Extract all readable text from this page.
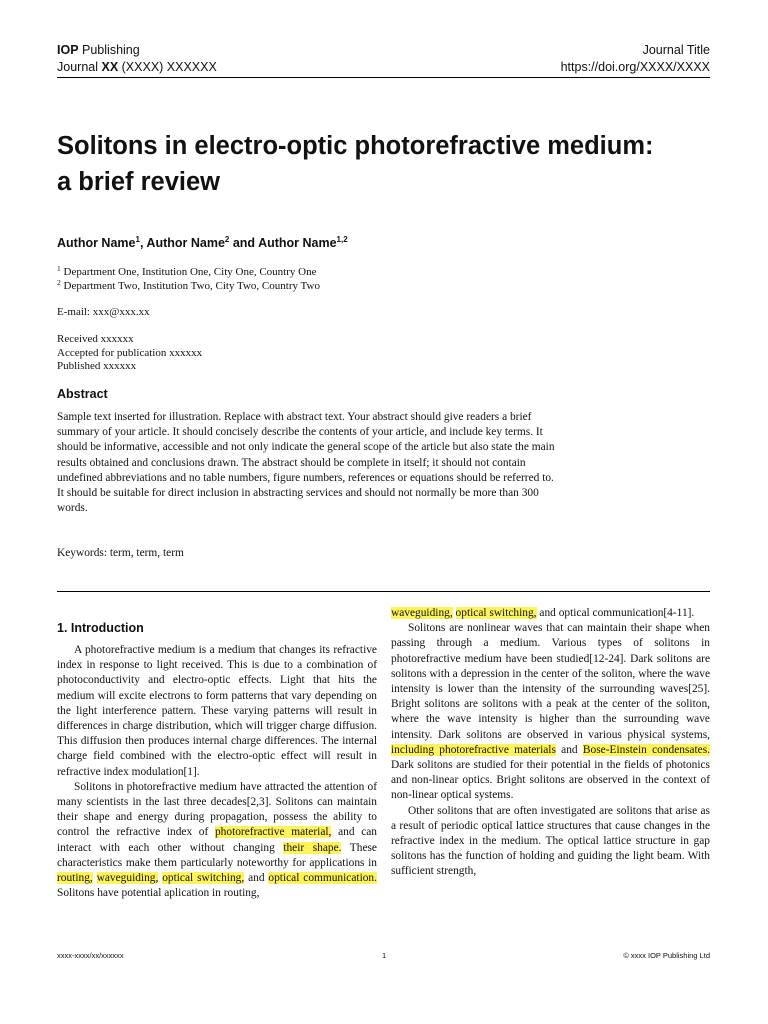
IOP Publishing	Journal Title
Journal XX (XXXX) XXXXXX	https://doi.org/XXXX/XXXX
Solitons in electro-optic photorefractive medium:
a brief review
Author Name$^1$, Author Name$^2$ and Author Name$^{1,2}$
$^1$ Department One, Institution One, City One, Country One
$^2$ Department Two, Institution Two, City Two, Country Two
E-mail: xxx@xxx.xx
Received xxxxxx
Accepted for publication xxxxxx
Published xxxxxx
Abstract
Sample text inserted for illustration. Replace with abstract text. Your abstract should give readers a brief summary of your article. It should concisely describe the contents of your article, and include key terms. It should be informative, accessible and not only indicate the general scope of the article but also state the main results obtained and conclusions drawn. The abstract should be complete in itself; it should not contain undefined abbreviations and no table numbers, figure numbers, references or equations should be referred to. It should be suitable for direct inclusion in abstracting services and should not normally be more than 300 words.
Keywords: term, term, term
1. Introduction

A photorefractive medium is a medium that changes its refractive index in response to light received. This is due to a combination of photoconductivity and electro-optic effects. Light that hits the medium will excite electrons to form patterns that vary depending on the light interference pattern. These varying patterns will result in differences in charge distribution, which will trigger charge diffusion. This diffusion then produces internal charge differences. The internal charge field combined with the electro-optic effect will result in refractive index modulation[1].

Solitons in photorefractive medium have attracted the attention of many scientists in the last three decades[2,3]. Solitons can maintain their shape and energy during propagation, possess the ability to control the refractive index of photorefractive material, and can interact with each other without changing their shape. These characteristics make them particularly noteworthy for applications in routing, waveguiding, optical switching, and optical communication. Solitons have potential aplication in routing,

waveguiding, optical switching, and optical communication[4-11].

Solitons are nonlinear waves that can maintain their shape when passing through a medium. Various types of solitons in photorefractive medium have been studied[12-24]. Dark solitons are solitons with a depression in the center of the soliton, where the wave intensity is lower than the intensity of the surrounding waves[25]. Bright solitons are solitons with a peak at the center of the soliton, where the wave intensity is higher than the surrounding wave intensity. Dark solitons are observed in various physical systems, including photorefractive materials and Bose-Einstein condensates. Dark solitons are studied for their potential in the fields of photonics and non-linear optics. Bright solitons are observed in the context of non-linear optical systems.

Other solitons that are often investigated are solitons that arise as a result of periodic optical lattice structures that cause changes in the refractive index in the medium. The optical lattice structure in gap solitons has the function of holding and guiding the light beam. With sufficient strength,

xxxx-xxxx/xx/xxxxxx	1	© xxxx IOP Publishing Ltd
